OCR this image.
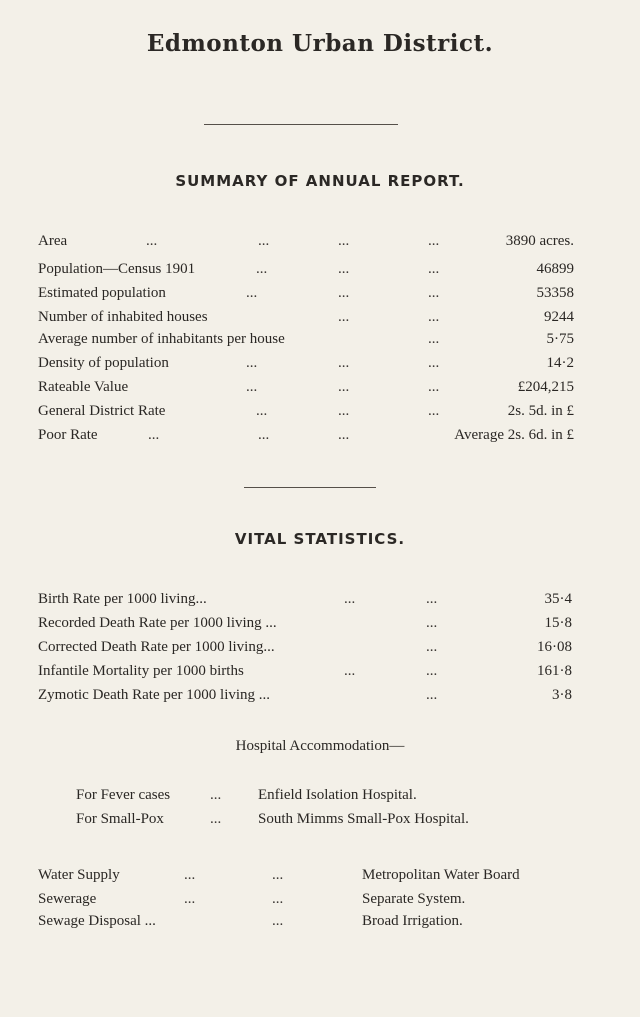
Edmonton Urban District.
SUMMARY OF ANNUAL REPORT.
Area	...	...	...	...	3890 acres.
Population—Census 1901	...	...	...	46899
Estimated population	...	...	...	53358
Number of inhabited houses	...	...	9244
Average number of inhabitants per house	...	5·75
Density of population	...	...	...	14·2
Rateable Value	...	...	...	£204,215
General District Rate	...	...	...	2s. 5d. in £
Poor Rate	...	...	...	Average 2s. 6d. in £
VITAL STATISTICS.
Birth Rate per 1000 living...	...	...	35·4
Recorded Death Rate per 1000 living ...	...	15·8
Corrected Death Rate per 1000 living...	...	16·08
Infantile Mortality per 1000 births	...	...	161·8
Zymotic Death Rate per 1000 living ...	...	3·8
Hospital Accommodation—
For Fever cases	... Enfield Isolation Hospital.
For Small-Pox	... South Mimms Small-Pox Hospital.
Water Supply	...	...	Metropolitan Water Board
Sewerage	...	...	Separate System.
Sewage Disposal ...	...	Broad Irrigation.
